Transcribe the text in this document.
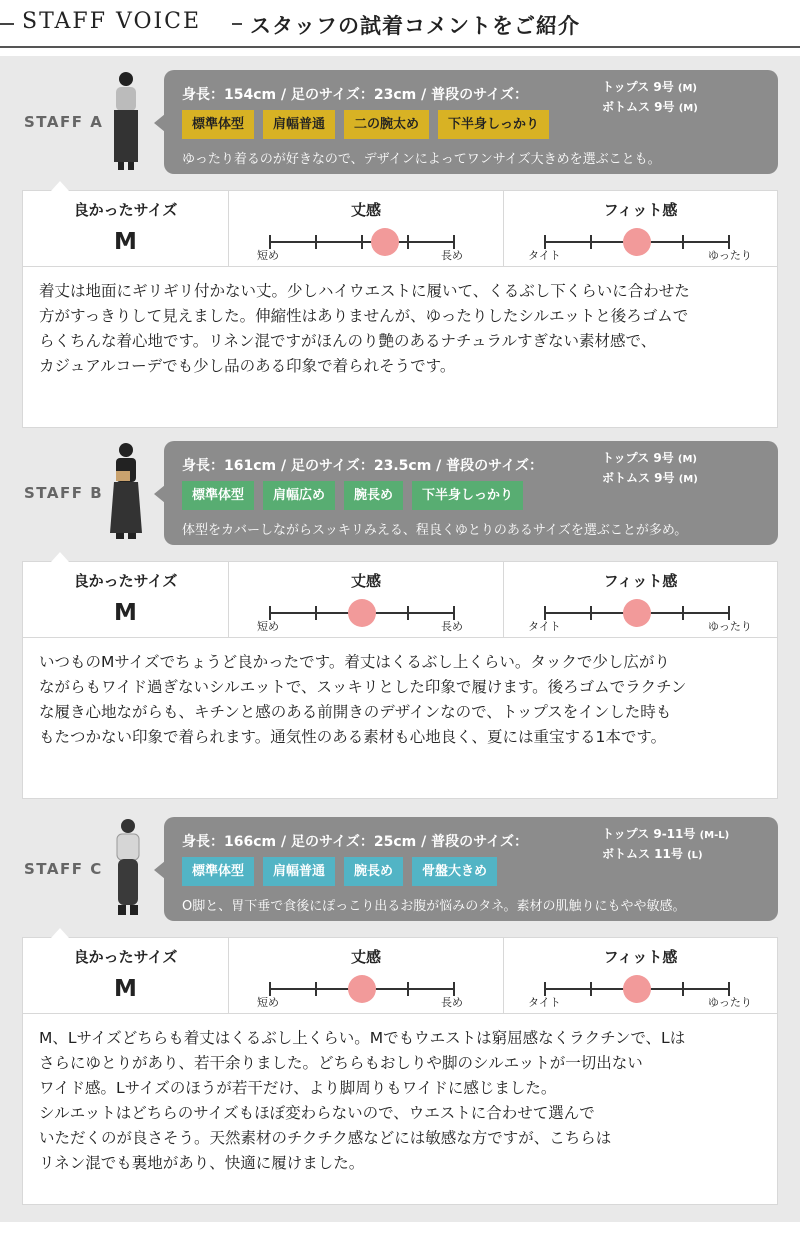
STAFF VOICE スタッフの試着コメントをご紹介
STAFF A
身長：154cm / 足のサイズ：23cm / 普段のサイズ：	トップス 9号 (M)
ボトムス 9号 (M)
標準体型	肩幅普通	二の腕太め	下半身しっかり
ゆったり着るのが好きなので、デザインによってワンサイズ大きめを選ぶことも。
良かったサイズ
M
丈感
短め	長め
フィット感
タイト	ゆったり
着丈は地面にギリギリ付かない丈。少しハイウエストに履いて、くるぶし下くらいに合わせた
方がすっきりして見えました。伸縮性はありませんが、ゆったりしたシルエットと後ろゴムで
らくちんな着心地です。リネン混ですがほんのり艶のあるナチュラルすぎない素材感で、
カジュアルコーデでも少し品のある印象で着られそうです。
STAFF B
身長：161cm / 足のサイズ：23.5cm / 普段のサイズ：	トップス 9号 (M)
ボトムス 9号 (M)
標準体型	肩幅広め	腕長め	下半身しっかり
体型をカバーしながらスッキリみえる、程良くゆとりのあるサイズを選ぶことが多め。
良かったサイズ
M
丈感
短め	長め
フィット感
タイト	ゆったり
いつものMサイズでちょうど良かったです。着丈はくるぶし上くらい。タックで少し広がり
ながらもワイド過ぎないシルエットで、スッキリとした印象で履けます。後ろゴムでラクチン
な履き心地ながらも、キチンと感のある前開きのデザインなので、トップスをインした時も
もたつかない印象で着られます。通気性のある素材も心地良く、夏には重宝する1本です。
STAFF C
身長：166cm / 足のサイズ：25cm / 普段のサイズ：	トップス 9-11号 (M-L)
ボトムス 11号 (L)
標準体型	肩幅普通	腕長め	骨盤大きめ
O脚と、胃下垂で食後にぽっこり出るお腹が悩みのタネ。素材の肌触りにもやや敏感。
良かったサイズ
M
丈感
短め	長め
フィット感
タイト	ゆったり
M、Lサイズどちらも着丈はくるぶし上くらい。Mでもウエストは窮屈感なくラクチンで、Lは
さらにゆとりがあり、若干余りました。どちらもおしりや脚のシルエットが一切出ない
ワイド感。Lサイズのほうが若干だけ、より脚周りもワイドに感じました。
シルエットはどちらのサイズもほぼ変わらないので、ウエストに合わせて選んで
いただくのが良さそう。天然素材のチクチク感などには敏感な方ですが、こちらは
リネン混でも裏地があり、快適に履けました。
